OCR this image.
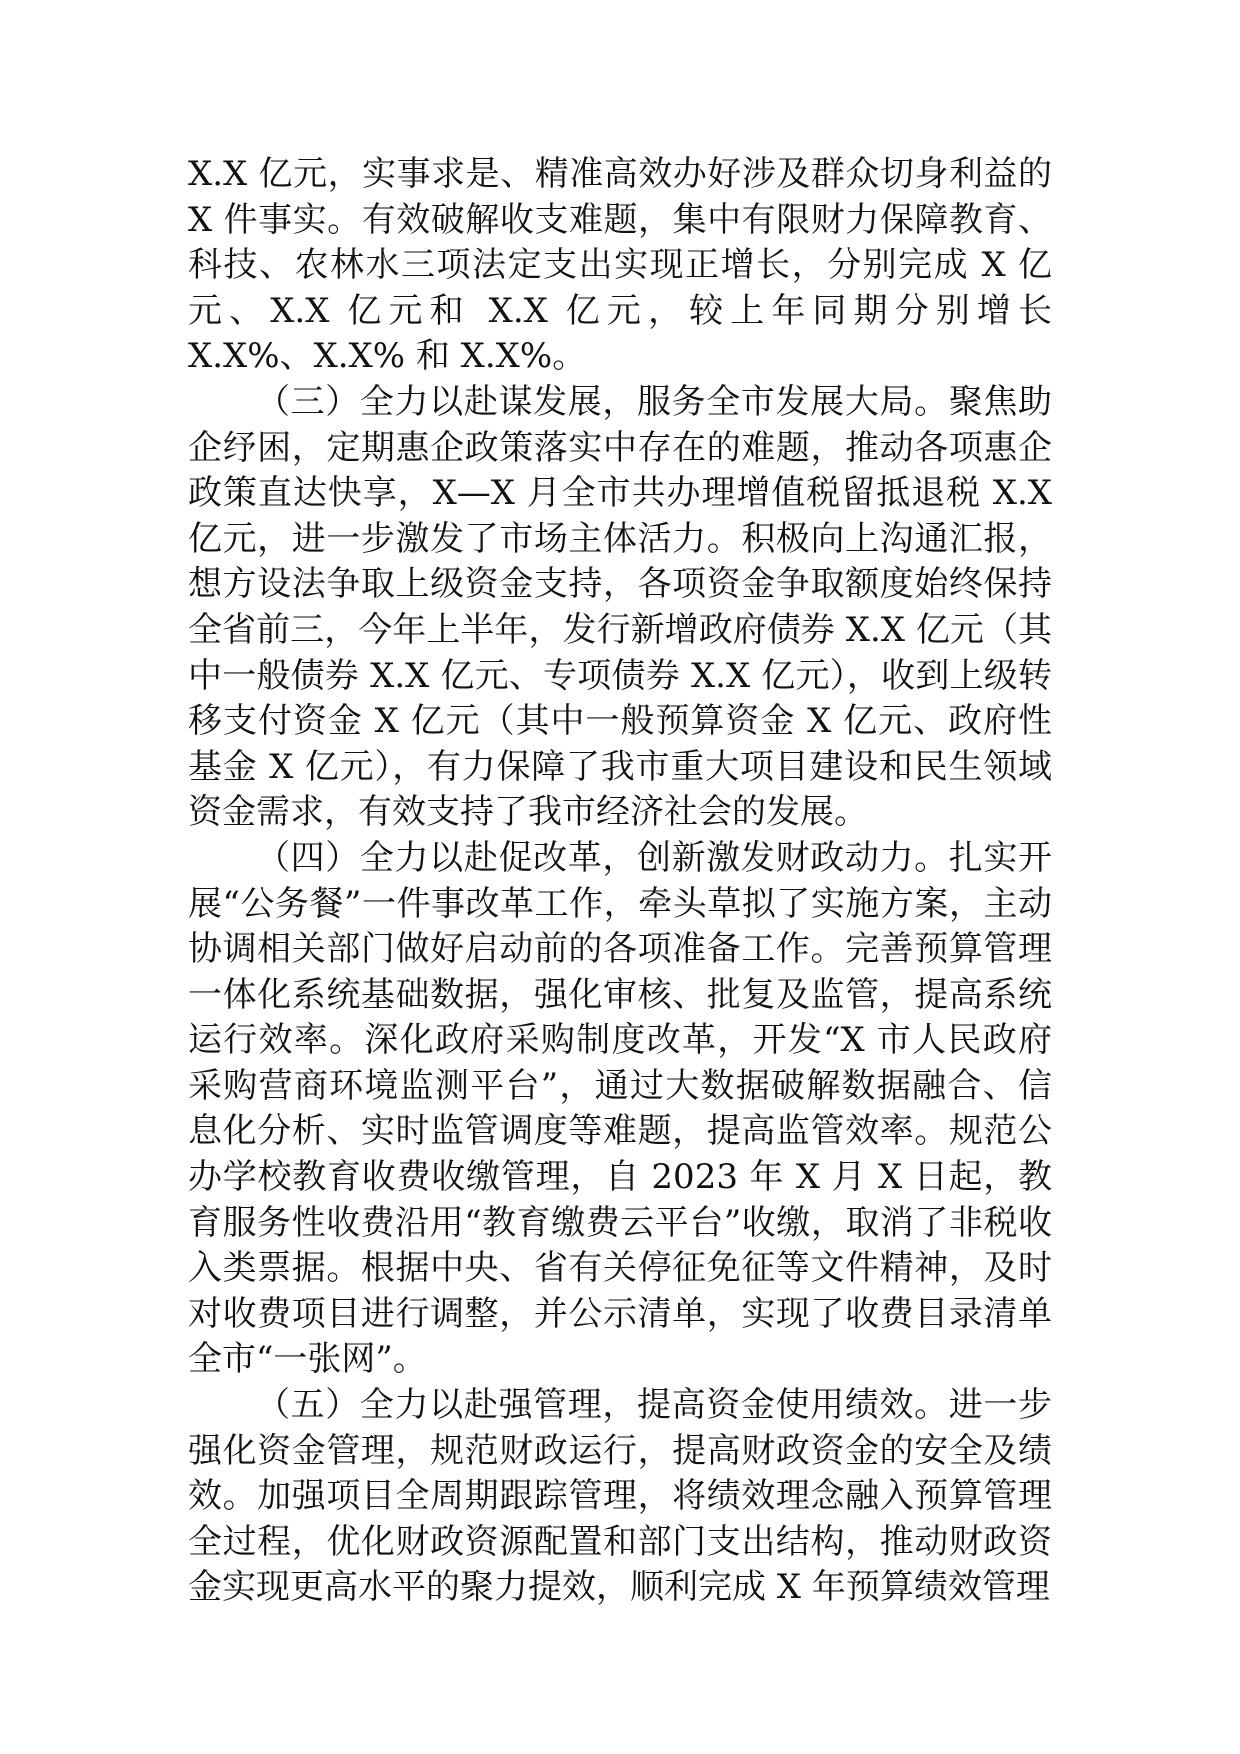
X.X 亿元，实事求是、精准高效办好涉及群众切身利益的 X 件事实。有效破解收支难题，集中有限财力保障教育、科技、农林水三项法定支出实现正增长，分别完成 X 亿元、X.X 亿元和 X.X 亿元，较上年同期分别增长 X.X%、X.X% 和 X.X%。

（三）全力以赴谋发展，服务全市发展大局。聚焦助企纾困，定期惠企政策落实中存在的难题，推动各项惠企政策直达快享，X—X 月全市共办理增值税留抵退税 X.X 亿元，进一步激发了市场主体活力。积极向上沟通汇报，想方设法争取上级资金支持，各项资金争取额度始终保持全省前三，今年上半年，发行新增政府债券 X.X 亿元（其中一般债券 X.X 亿元、专项债券 X.X 亿元），收到上级转移支付资金 X 亿元（其中一般预算资金 X 亿元、政府性基金 X 亿元），有力保障了我市重大项目建设和民生领域资金需求，有效支持了我市经济社会的发展。

（四）全力以赴促改革，创新激发财政动力。扎实开展“公务餐”一件事改革工作，牵头草拟了实施方案，主动协调相关部门做好启动前的各项准备工作。完善预算管理一体化系统基础数据，强化审核、批复及监管，提高系统运行效率。深化政府采购制度改革，开发“X 市人民政府采购营商环境监测平台”，通过大数据破解数据融合、信息化分析、实时监管调度等难题，提高监管效率。规范公办学校教育收费收缴管理，自 2023 年 X 月 X 日起，教育服务性收费沿用“教育缴费云平台”收缴，取消了非税收入类票据。根据中央、省有关停征免征等文件精神，及时对收费项目进行调整，并公示清单，实现了收费目录清单全市“一张网”。

（五）全力以赴强管理，提高资金使用绩效。进一步强化资金管理，规范财政运行，提高财政资金的安全及绩效。加强项目全周期跟踪管理，将绩效理念融入预算管理全过程，优化财政资源配置和部门支出结构，推动财政资金实现更高水平的聚力提效，顺利完成 X 年预算绩效管理
